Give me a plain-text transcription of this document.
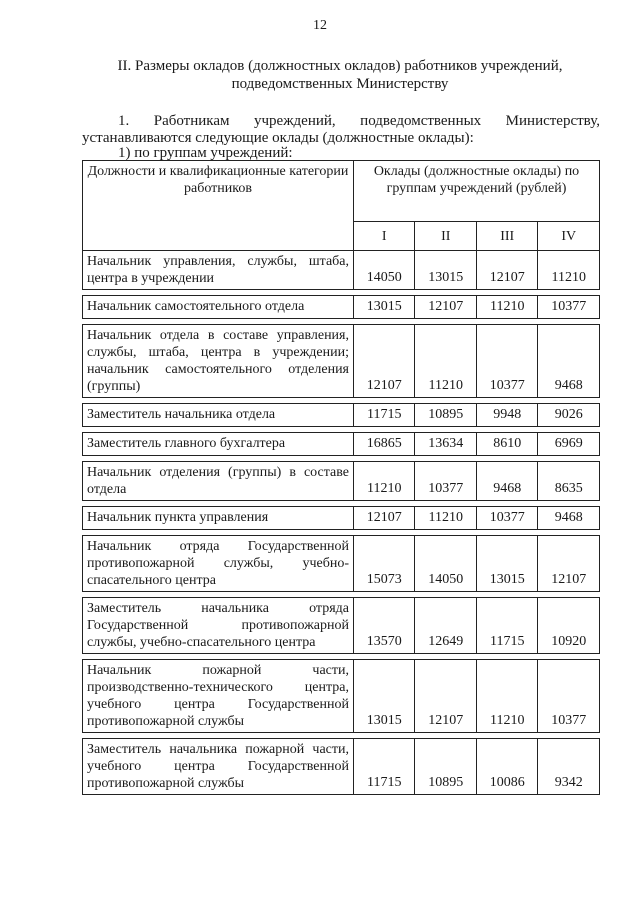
12
II. Размеры окладов (должностных окладов) работников учреждений, подведомственных Министерству
1. Работникам учреждений, подведомственных Министерству, устанавливаются следующие оклады (должностные оклады):
1) по группам учреждений:
Должности и квалификационные категории работников	Оклады (должностные оклады) по группам учреждений (рублей)			
	I	II	III	IV
Начальник управления, службы, штаба, центра в учреждении	14050	13015	12107	11210

Начальник самостоятельного отдела	13015	12107	11210	10377

Начальник отдела в составе управления, службы, штаба, центра в учреждении; начальник самостоятельного отделения (группы)	12107	11210	10377	9468

Заместитель начальника отдела	11715	10895	9948	9026

Заместитель главного бухгалтера	16865	13634	8610	6969

Начальник отделения (группы) в составе отдела	11210	10377	9468	8635

Начальник пункта управления	12107	11210	10377	9468

Начальник отряда Государственной противопожарной службы, учебно-спасательного центра	15073	14050	13015	12107

Заместитель начальника отряда Государственной противопожарной службы, учебно-спасательного центра	13570	12649	11715	10920

Начальник пожарной части, производственно-технического центра, учебного центра Государственной противопожарной службы	13015	12107	11210	10377

Заместитель начальника пожарной части, учебного центра Государственной противопожарной службы	11715	10895	10086	9342
